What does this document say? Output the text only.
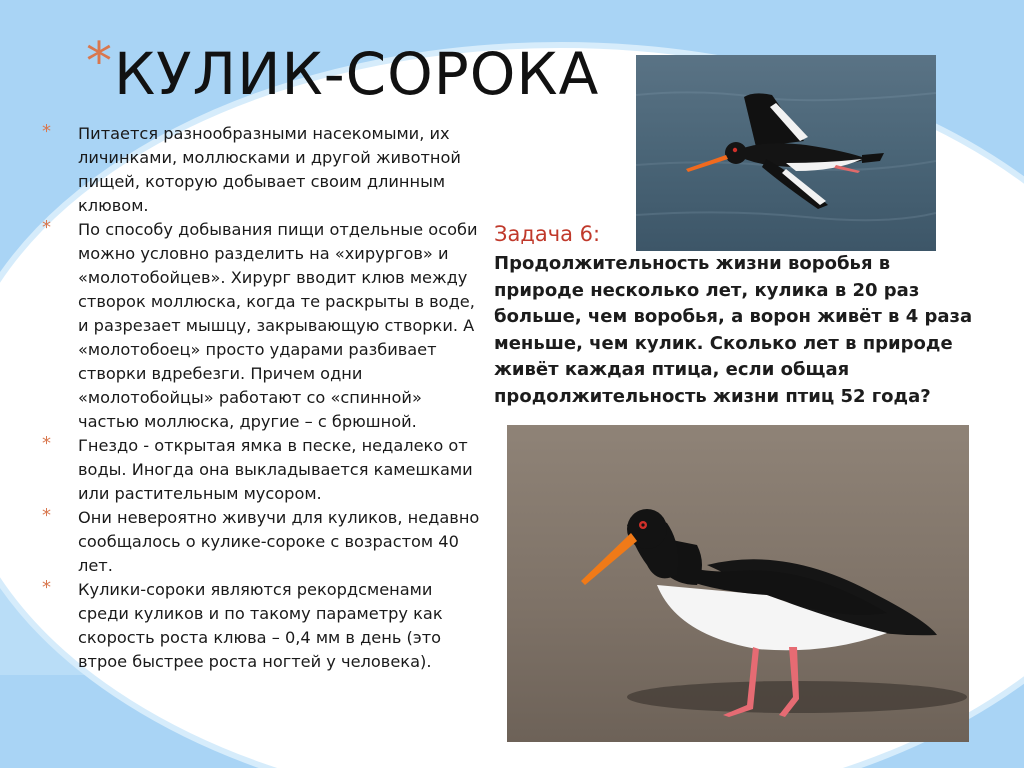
*КУЛИК-СОРОКА
* Питается разнообразными насекомыми, их личинками, моллюсками и другой животной пищей, которую добывает своим длинным клювом.
* По способу добывания пищи отдельные особи можно условно разделить на «хирургов» и «молотобойцев». Хирург вводит клюв между створок моллюска, когда те раскрыты в воде, и разрезает мышцу, закрывающую створки. А «молотобоец» просто ударами разбивает створки вдребезги. Причем одни «молотобойцы» работают со «спинной» частью моллюска, другие – с брюшной.
* Гнездо - открытая ямка в песке, недалеко от воды. Иногда она выкладывается камешками или растительным мусором.
* Они невероятно живучи для куликов, недавно сообщалось о кулике-сороке с возрастом 40 лет.
* Кулики-сороки являются рекордсменами среди куликов и по такому параметру как скорость роста клюва – 0,4 мм в день (это втрое быстрее роста ногтей у человека).
Задача 6:
Продолжительность жизни воробья в природе несколько лет, кулика в 20 раз больше, чем воробья, а ворон живёт в 4 раза меньше, чем кулик. Сколько лет в природе живёт каждая птица, если общая продолжительность жизни птиц 52 года?
